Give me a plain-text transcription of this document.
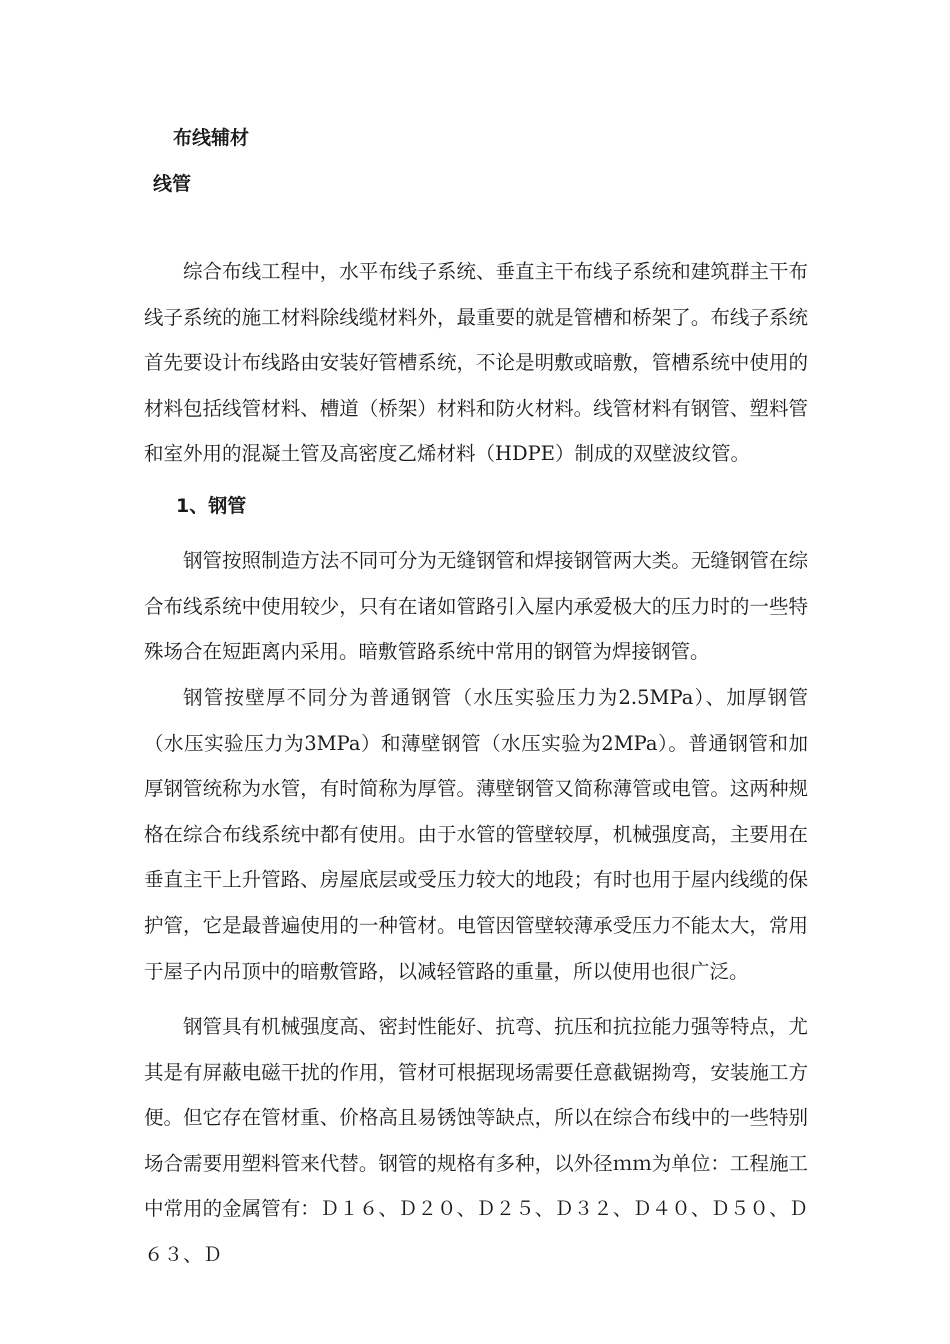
布线辅材
线管

综合布线工程中，水平布线子系统、垂直主干布线子系统和建筑群主干布线子系统的施工材料除线缆材料外，最重要的就是管槽和桥架了。布线子系统首先要设计布线路由安装好管槽系统，不论是明敷或暗敷，管槽系统中使用的材料包括线管材料、槽道（桥架）材料和防火材料。线管材料有钢管、塑料管和室外用的混凝土管及高密度乙烯材料（HDPE）制成的双壁波纹管。

1、钢管

钢管按照制造方法不同可分为无缝钢管和焊接钢管两大类。无缝钢管在综合布线系统中使用较少，只有在诸如管路引入屋内承爱极大的压力时的一些特殊场合在短距离内采用。暗敷管路系统中常用的钢管为焊接钢管。

钢管按壁厚不同分为普通钢管（水压实验压力为2.5MPa）、加厚钢管（水压实验压力为3MPa）和薄壁钢管（水压实验为2MPa）。普通钢管和加厚钢管统称为水管，有时简称为厚管。薄壁钢管又简称薄管或电管。这两种规格在综合布线系统中都有使用。由于水管的管壁较厚，机械强度高，主要用在垂直主干上升管路、房屋底层或受压力较大的地段；有时也用于屋内线缆的保护管，它是最普遍使用的一种管材。电管因管壁较薄承受压力不能太大，常用于屋子内吊顶中的暗敷管路，以减轻管路的重量，所以使用也很广泛。

钢管具有机械强度高、密封性能好、抗弯、抗压和抗拉能力强等特点，尤其是有屏蔽电磁干扰的作用，管材可根据现场需要任意截锯拗弯，安装施工方便。但它存在管材重、价格高且易锈蚀等缺点，所以在综合布线中的一些特别场合需要用塑料管来代替。钢管的规格有多种，以外径ｍｍ为单位：工程施工中常用的金属管有：Ｄ１６、Ｄ２０、Ｄ２５、Ｄ３２、Ｄ４０、Ｄ５０、Ｄ６３、Ｄ
